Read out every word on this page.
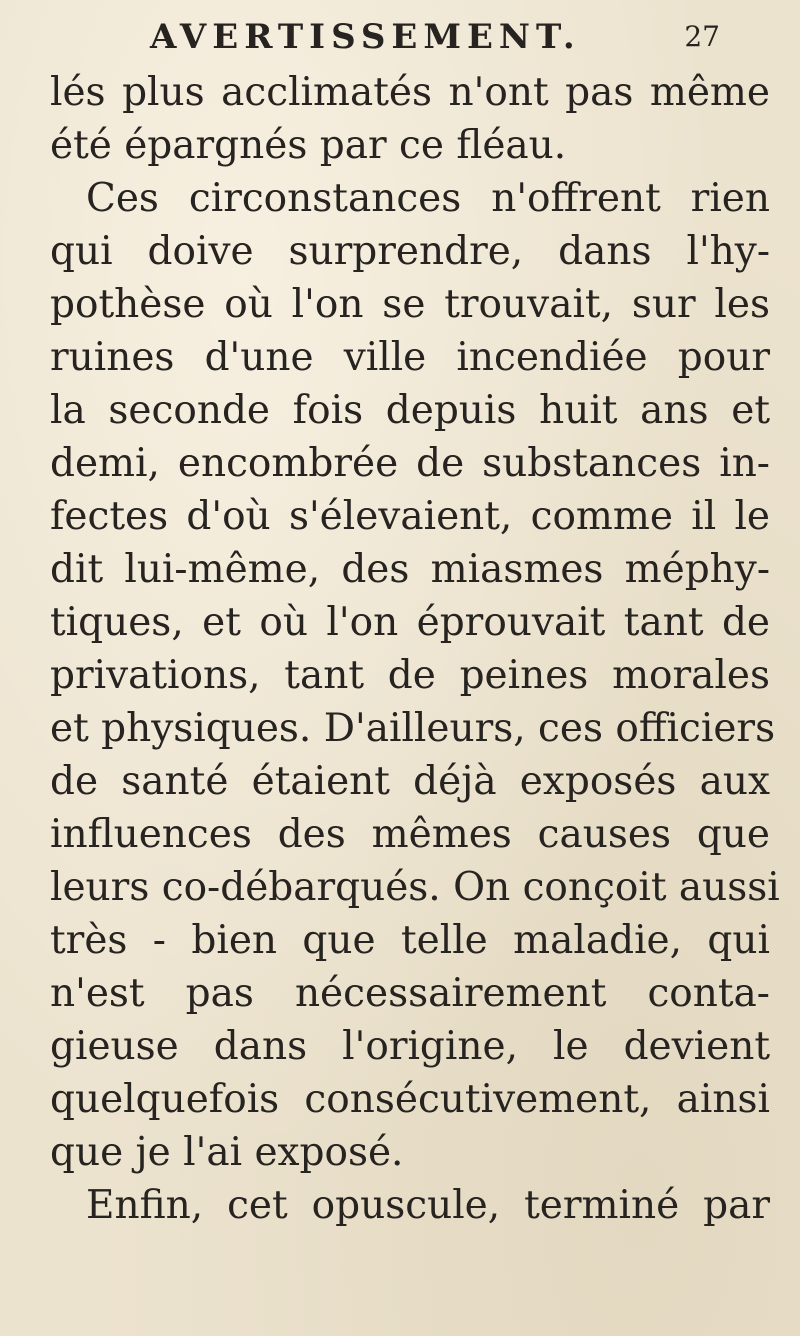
AVERTISSEMENT.	27
lés plus acclimatés n'ont pas même
été épargnés par ce fléau.
Ces circonstances n'offrent rien
qui doive surprendre, dans l'hy-
pothèse où l'on se trouvait, sur les
ruines d'une ville incendiée pour
la seconde fois depuis huit ans et
demi, encombrée de substances in-
fectes d'où s'élevaient, comme il le
dit lui-même, des miasmes méphy-
tiques, et où l'on éprouvait tant de
privations, tant de peines morales
et physiques. D'ailleurs, ces officiers
de santé étaient déjà exposés aux
influences des mêmes causes que
leurs co-débarqués. On conçoit aussi
très - bien que telle maladie, qui
n'est pas nécessairement conta-
gieuse dans l'origine, le devient
quelquefois consécutivement, ainsi
que je l'ai exposé.
Enfin, cet opuscule, terminé par
